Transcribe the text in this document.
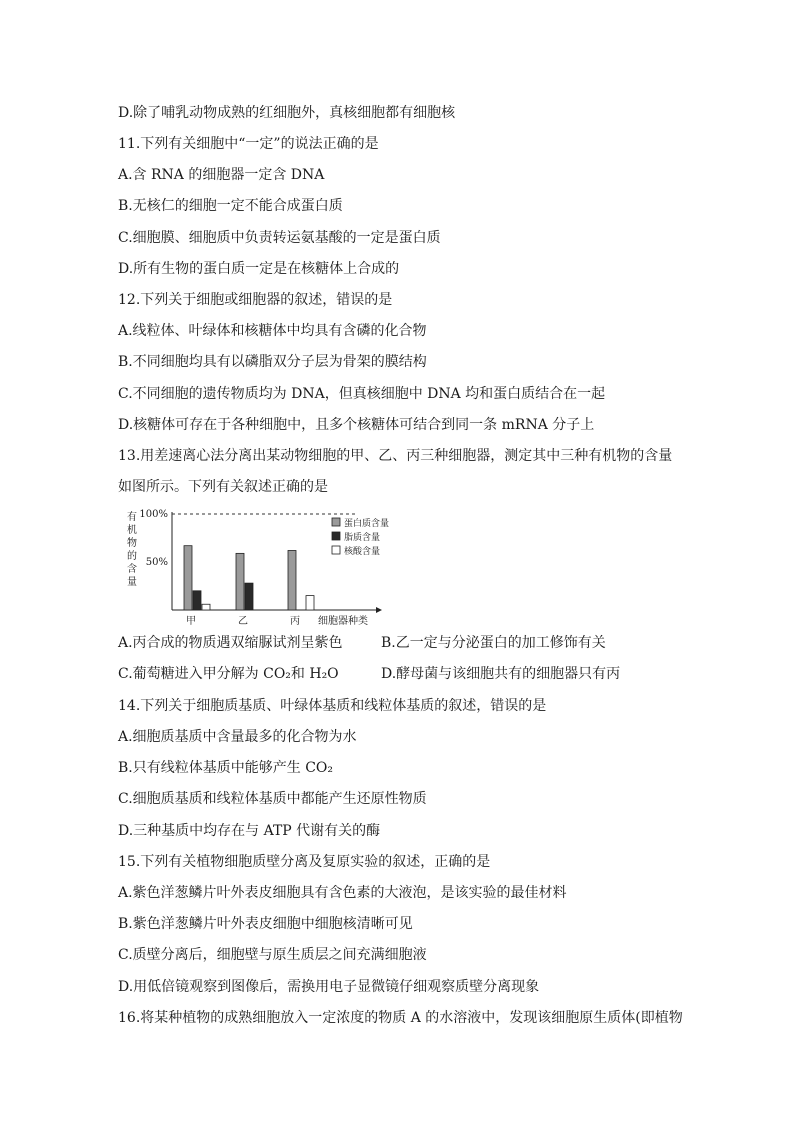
D.除了哺乳动物成熟的红细胞外，真核细胞都有细胞核
11.下列有关细胞中“一定”的说法正确的是
A.含 RNA 的细胞器一定含 DNA
B.无核仁的细胞一定不能合成蛋白质
C.细胞膜、细胞质中负责转运氨基酸的一定是蛋白质
D.所有生物的蛋白质一定是在核糖体上合成的
12.下列关于细胞或细胞器的叙述，错误的是
A.线粒体、叶绿体和核糖体中均具有含磷的化合物
B.不同细胞均具有以磷脂双分子层为骨架的膜结构
C.不同细胞的遗传物质均为 DNA，但真核细胞中 DNA 均和蛋白质结合在一起
D.核糖体可存在于各种细胞中，且多个核糖体可结合到同一条 mRNA 分子上
13.用差速离心法分离出某动物细胞的甲、乙、丙三种细胞器，测定其中三种有机物的含量
如图所示。下列有关叙述正确的是
有机物的含量
100%
50%
甲	乙	丙 细胞器种类
蛋白质含量
脂质含量
核酸含量
A.丙合成的物质遇双缩脲试剂呈紫色	B.乙一定与分泌蛋白的加工修饰有关
C.葡萄糖进入甲分解为 CO₂和 H₂O	D.酵母菌与该细胞共有的细胞器只有丙
14.下列关于细胞质基质、叶绿体基质和线粒体基质的叙述，错误的是
A.细胞质基质中含量最多的化合物为水
B.只有线粒体基质中能够产生 CO₂
C.细胞质基质和线粒体基质中都能产生还原性物质
D.三种基质中均存在与 ATP 代谢有关的酶
15.下列有关植物细胞质壁分离及复原实验的叙述，正确的是
A.紫色洋葱鳞片叶外表皮细胞具有含色素的大液泡，是该实验的最佳材料
B.紫色洋葱鳞片叶外表皮细胞中细胞核清晰可见
C.质壁分离后，细胞壁与原生质层之间充满细胞液
D.用低倍镜观察到图像后，需换用电子显微镜仔细观察质壁分离现象
16.将某种植物的成熟细胞放入一定浓度的物质 A 的水溶液中，发现该细胞原生质体(即植物
